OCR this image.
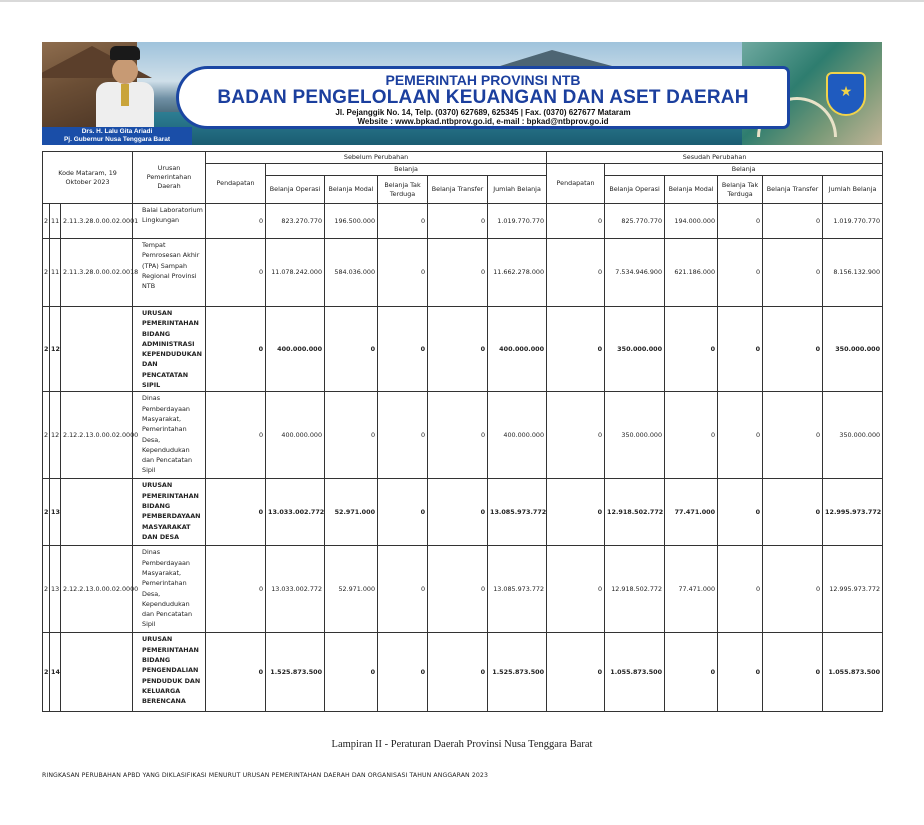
Drs. H. Lalu Gita Ariadi
Pj. Gubernur Nusa Tenggara Barat
★
PEMERINTAH PROVINSI NTB
BADAN PENGELOLAAN KEUANGAN DAN ASET DAERAH
Jl. Pejanggik No. 14, Telp. (0370) 627689, 625345 | Fax. (0370) 627677 Mataram
Website : www.bpkad.ntbprov.go.id, e-mail : bpkad@ntbprov.go.id
Kode Mataram, 19 Oktober 2023			Urusan Pemerintahan Daerah	Sebelum Perubahan						Sesudah Perubahan					
				Pendapatan	Belanja					Pendapatan	Belanja				
					Belanja Operasi	Belanja Modal	Belanja Tak Terduga	Belanja Transfer	Jumlah Belanja		Belanja Operasi	Belanja Modal	Belanja Tak Terduga	Belanja Transfer	Jumlah Belanja
2	11	2.11.3.28.0.00.02.0001	Balai Laboratorium Lingkungan	0	823.270.770	196.500.000	0	0	1.019.770.770	0	825.770.770	194.000.000	0	0	1.019.770.770
2	11	2.11.3.28.0.00.02.0018	Tempat Pemrosesan Akhir (TPA) Sampah Regional Provinsi NTB	0	11.078.242.000	584.036.000	0	0	11.662.278.000	0	7.534.946.900	621.186.000	0	0	8.156.132.900
2	12		URUSAN PEMERINTAHAN BIDANG ADMINISTRASI KEPENDUDUKAN DAN PENCATATAN SIPIL	0	400.000.000	0	0	0	400.000.000	0	350.000.000	0	0	0	350.000.000
2	12	2.12.2.13.0.00.02.0000	Dinas Pemberdayaan Masyarakat, Pemerintahan Desa, Kependudukan dan Pencatatan Sipil	0	400.000.000	0	0	0	400.000.000	0	350.000.000	0	0	0	350.000.000
2	13		URUSAN PEMERINTAHAN BIDANG PEMBERDAYAAN MASYARAKAT DAN DESA	0	13.033.002.772	52.971.000	0	0	13.085.973.772	0	12.918.502.772	77.471.000	0	0	12.995.973.772
2	13	2.12.2.13.0.00.02.0000	Dinas Pemberdayaan Masyarakat, Pemerintahan Desa, Kependudukan dan Pencatatan Sipil	0	13.033.002.772	52.971.000	0	0	13.085.973.772	0	12.918.502.772	77.471.000	0	0	12.995.973.772
2	14		URUSAN PEMERINTAHAN BIDANG PENGENDALIAN PENDUDUK DAN KELUARGA BERENCANA	0	1.525.873.500	0	0	0	1.525.873.500	0	1.055.873.500	0	0	0	1.055.873.500
Lampiran II - Peraturan Daerah Provinsi Nusa Tenggara Barat
RINGKASAN PERUBAHAN APBD YANG DIKLASIFIKASI MENURUT URUSAN PEMERINTAHAN DAERAH DAN ORGANISASI TAHUN ANGGARAN 2023
